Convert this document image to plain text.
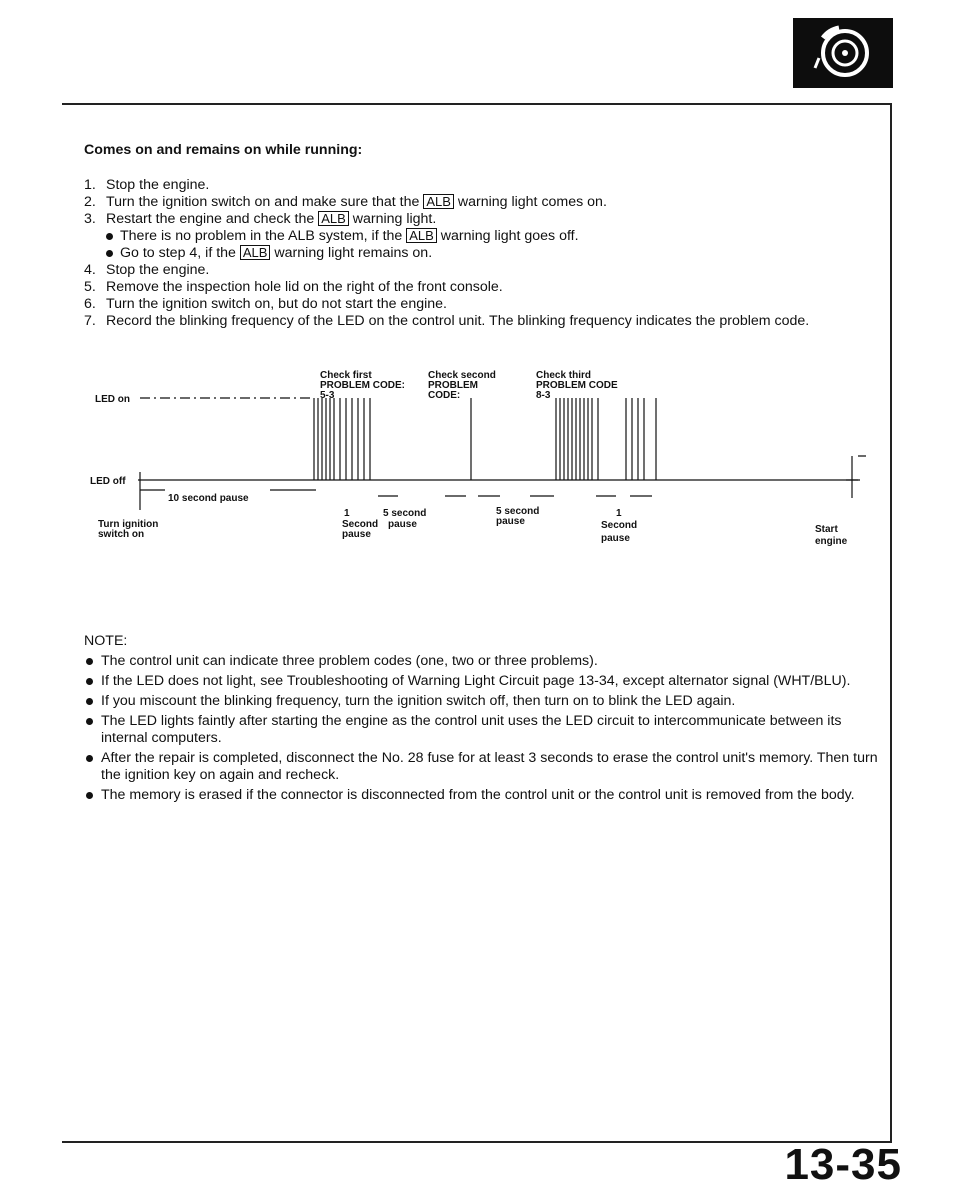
Comes on and remains on while running:

1. Stop the engine.
2. Turn the ignition switch on and make sure that the ALB warning light comes on.
3. Restart the engine and check the ALB warning light.
There is no problem in the ALB system, if the ALB warning light goes off.
Go to step 4, if the ALB warning light remains on.
4. Stop the engine.
5. Remove the inspection hole lid on the right of the front console.
6. Turn the ignition switch on, but do not start the engine.
7. Record the blinking frequency of the LED on the control unit. The blinking frequency indicates the problem code.
Check first
PROBLEM CODE:
5-3
Check second
PROBLEM
CODE:
Check third
PROBLEM CODE
8-3
LED on
LED off
10 second pause
Turn ignition
switch on
1
Second
pause
5 second
pause
5 second
pause
1
Second
pause
Start
engine

NOTE:

The control unit can indicate three problem codes (one, two or three problems).
If the LED does not light, see Troubleshooting of Warning Light Circuit page 13-34, except alternator signal (WHT/BLU).
If you miscount the blinking frequency, turn the ignition switch off, then turn on to blink the LED again.
The LED lights faintly after starting the engine as the control unit uses the LED circuit to intercommunicate between its internal computers.
After the repair is completed, disconnect the No. 28 fuse for at least 3 seconds to erase the control unit's memory. Then turn the ignition key on again and recheck.
The memory is erased if the connector is disconnected from the control unit or the control unit is removed from the body.
13-35
